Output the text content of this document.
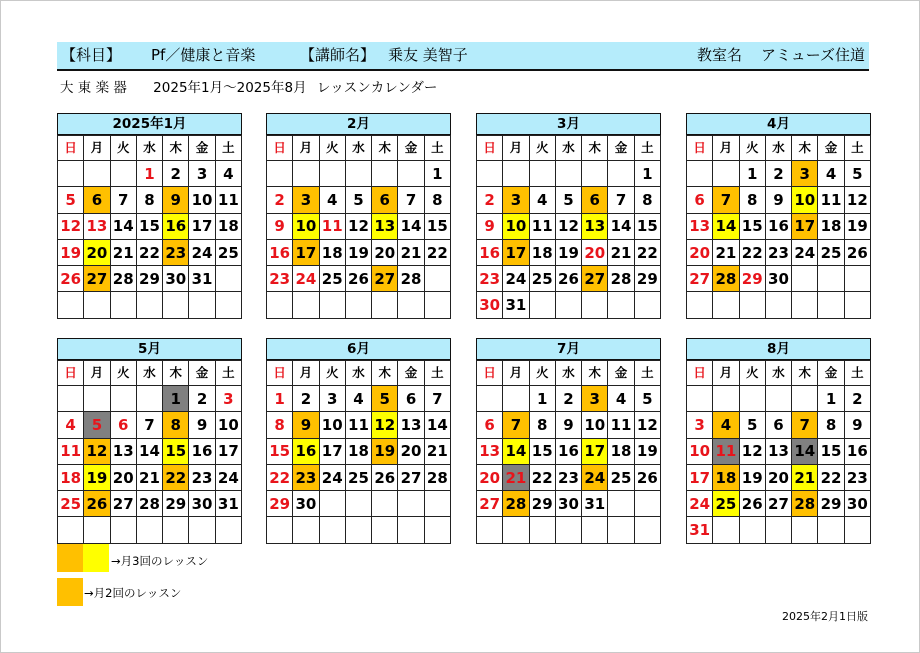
【科目】 Pf／健康と音楽	【講師名】 乗友 美智子	教室名 アミューズ住道
大 東 楽 器 2025年1月～2025年8月 レッスンカレンダー
2025年1月
日	月	火	水	木	金	土
			1	2	3	4
5	6	7	8	9	10	11
12	13	14	15	16	17	18
19	20	21	22	23	24	25
26	27	28	29	30	31	

2月
日	月	火	水	木	金	土
						1
2	3	4	5	6	7	8
9	10	11	12	13	14	15
16	17	18	19	20	21	22
23	24	25	26	27	28	

3月
日	月	火	水	木	金	土
						1
2	3	4	5	6	7	8
9	10	11	12	13	14	15
16	17	18	19	20	21	22
23	24	25	26	27	28	29
30	31					
4月
日	月	火	水	木	金	土
		1	2	3	4	5
6	7	8	9	10	11	12
13	14	15	16	17	18	19
20	21	22	23	24	25	26
27	28	29	30			

5月
日	月	火	水	木	金	土
				1	2	3
4	5	6	7	8	9	10
11	12	13	14	15	16	17
18	19	20	21	22	23	24
25	26	27	28	29	30	31

6月
日	月	火	水	木	金	土
1	2	3	4	5	6	7
8	9	10	11	12	13	14
15	16	17	18	19	20	21
22	23	24	25	26	27	28
29	30					

7月
日	月	火	水	木	金	土
		1	2	3	4	5
6	7	8	9	10	11	12
13	14	15	16	17	18	19
20	21	22	23	24	25	26
27	28	29	30	31		

8月
日	月	火	水	木	金	土
					1	2
3	4	5	6	7	8	9
10	11	12	13	14	15	16
17	18	19	20	21	22	23
24	25	26	27	28	29	30
31						
→月3回のレッスン
→月2回のレッスン
2025年2月1日版
